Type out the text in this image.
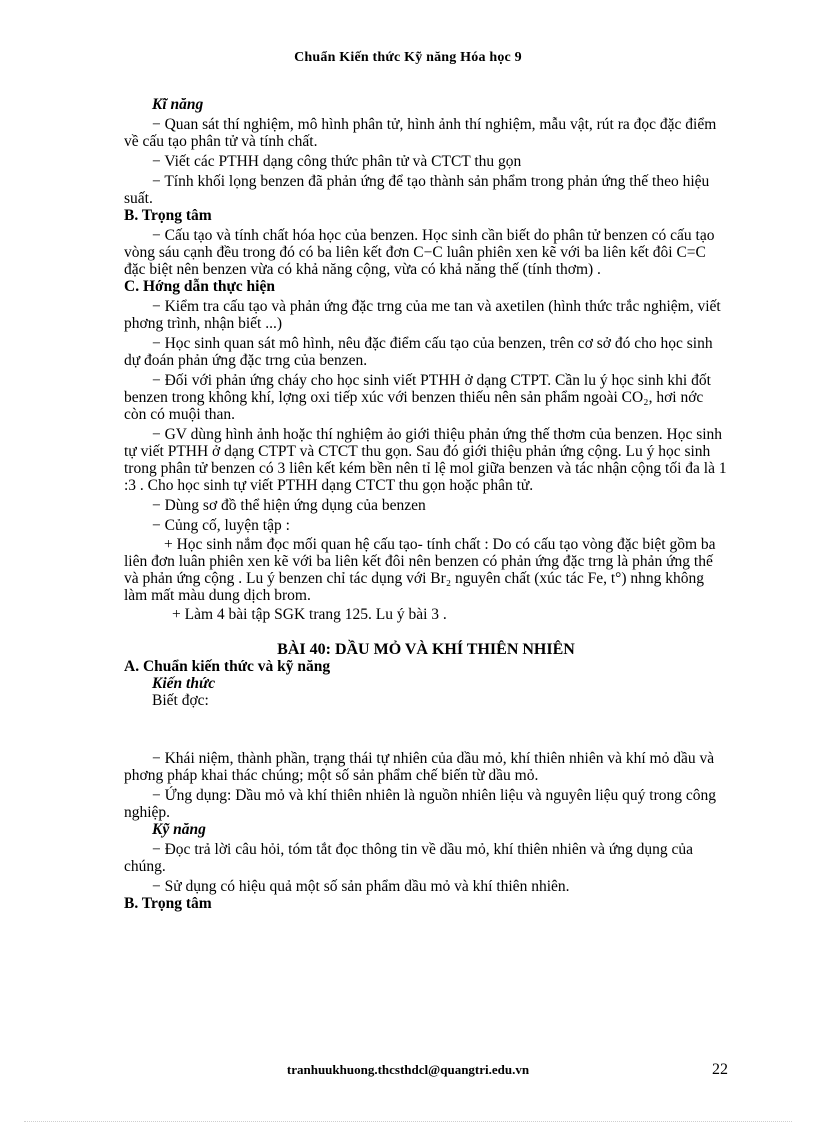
Chuẩn Kiến thức Kỹ năng Hóa học 9

Kĩ năng

− Quan sát thí nghiệm, mô hình phân tử, hình ảnh thí nghiệm, mẫu vật, rút ra đọc đặc điểm về cấu tạo phân tử và tính chất.

− Viết các PTHH dạng công thức phân tử và CTCT thu gọn

− Tính khối lọng benzen đã phản ứng để tạo thành sản phẩm trong phản ứng thế theo hiệu suất.

B. Trọng tâm

− Cấu tạo và tính chất hóa học của benzen. Học sinh cần biết do phân tử benzen có cấu tạo vòng sáu cạnh đều trong đó có ba liên kết đơn C−C luân phiên xen kẽ với ba liên kết đôi C=C đặc biệt nên benzen vừa có khả năng cộng, vừa có khả năng thế (tính thơm) .

C. Hớng dẫn thực hiện

− Kiểm tra cấu tạo và phản ứng đặc trng của me tan và axetilen (hình thức trắc nghiệm, viết phơng trình, nhận biết ...)

− Học sinh quan sát mô hình, nêu đặc điểm cấu tạo của benzen, trên cơ sở đó cho học sinh dự đoán phản ứng đặc trng của benzen.

− Đối với phản ứng cháy cho học sinh viết PTHH ở dạng CTPT. Cần lu ý học sinh khi đốt benzen trong không khí, lợng oxi tiếp xúc với benzen thiếu nên sản phẩm ngoài CO₂, hơi nớc còn có muội than.

− GV dùng hình ảnh hoặc thí nghiệm ảo giới thiệu phản ứng thế thơm của benzen. Học sinh tự viết PTHH ở dạng CTPT và CTCT thu gọn. Sau đó giới thiệu phản ứng cộng. Lu ý học sinh trong phân tử benzen có 3 liên kết kém bền nên tỉ lệ mol giữa benzen và tác nhận cộng tối đa là 1 :3 . Cho học sinh tự viết PTHH dạng CTCT thu gọn hoặc phân tử.

− Dùng sơ đồ thể hiện ứng dụng của benzen

− Củng cố, luyện tập :

+ Học sinh nắm đọc mối quan hệ cấu tạo- tính chất : Do có cấu tạo vòng đặc biệt gồm ba liên đơn luân phiên xen kẽ với ba liên kết đôi nên benzen có phản ứng đặc trng là phản ứng thế và phản ứng cộng . Lu ý benzen chỉ tác dụng với Br₂ nguyên chất (xúc tác Fe, t°) nhng không làm mất màu dung dịch brom.

+ Làm 4 bài tập SGK trang 125. Lu ý bài 3 .

BÀI 40: DẦU MỎ VÀ KHÍ THIÊN NHIÊN

A. Chuẩn kiến thức và kỹ năng

Kiến thức

Biết đợc:

− Khái niệm, thành phần, trạng thái tự nhiên của dầu mỏ, khí thiên nhiên và khí mỏ dầu và phơng pháp khai thác chúng; một số sản phẩm chế biến từ dầu mỏ.

− Ứng dụng: Dầu mỏ và khí thiên nhiên là nguồn nhiên liệu và nguyên liệu quý trong công nghiệp.

Kỹ năng

− Đọc trả lời câu hỏi, tóm tắt đọc thông tin về dầu mỏ, khí thiên nhiên và ứng dụng của chúng.

− Sử dụng có hiệu quả một số sản phẩm dầu mỏ và khí thiên nhiên.

B. Trọng tâm

tranhuukhuong.thcsthdcl@quangtri.edu.vn	22
